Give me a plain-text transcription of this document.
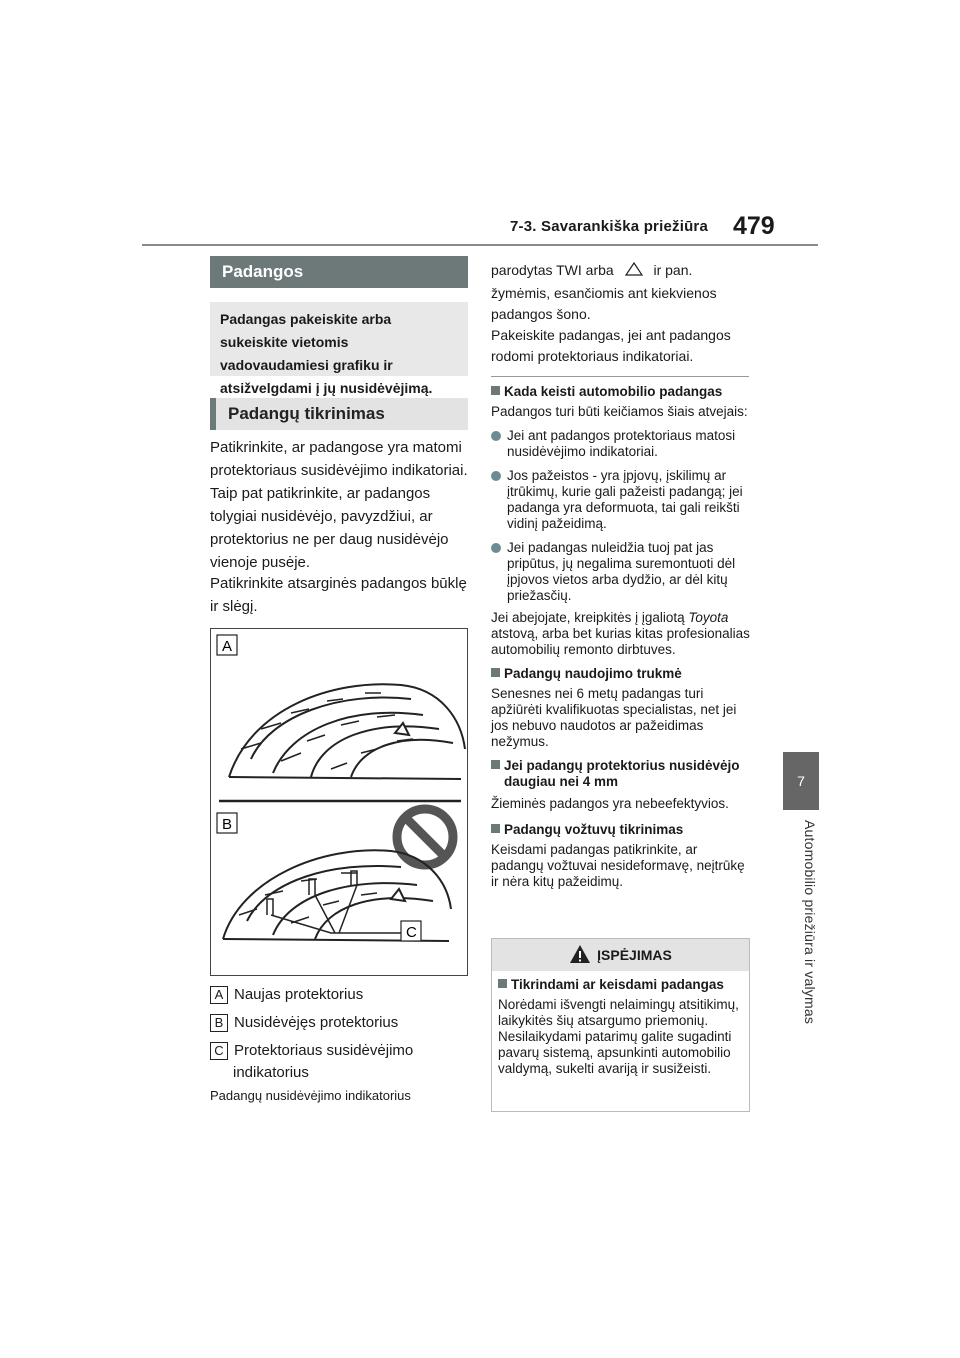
7-3. Savarankiška priežiūra 479
7
Automobilio priežiūra ir valymas
Padangos
Padangas pakeiskite arba sukeiskite vietomis vadovaudamiesi grafiku ir atsižvelgdami į jų nusidėvėjimą.
Padangų tikrinimas
Patikrinkite, ar padangose yra matomi protektoriaus susidėvėjimo indikatoriai. Taip pat patikrinkite, ar padangos tolygiai nusidėvėjo, pavyzdžiui, ar protektorius ne per daug nusidėvėjo vienoje pusėje.
Patikrinkite atsarginės padangos būklę ir slėgį.
A
B
C
A Naujas protektorius
B Nusidėvėjęs protektorius
C Protektoriaus susidėvėjimo indikatorius
Padangų nusidėvėjimo indikatorius
parodytas TWI arba	ir pan.
žymėmis, esančiomis ant kiekvienos padangos šono.
Pakeiskite padangas, jei ant padangos rodomi protektoriaus indikatoriai.
Kada keisti automobilio padangas
Padangos turi būti keičiamos šiais atvejais:
Jei ant padangos protektoriaus matosi nusidėvėjimo indikatoriai.
Jos pažeistos - yra įpjovų, įskilimų ar įtrūkimų, kurie gali pažeisti padangą; jei padanga yra deformuota, tai gali reikšti vidinį pažeidimą.
Jei padangas nuleidžia tuoj pat jas pripūtus, jų negalima suremontuoti dėl įpjovos vietos arba dydžio, ar dėl kitų priežasčių.
Jei abejojate, kreipkitės į įgaliotą Toyota atstovą, arba bet kurias kitas profesionalias automobilių remonto dirbtuves.
Padangų naudojimo trukmė
Senesnes nei 6 metų padangas turi apžiūrėti kvalifikuotas specialistas, net jei jos nebuvo naudotos ar pažeidimas nežymus.
Jei padangų protektorius nusidėvėjo daugiau nei 4 mm
Žieminės padangos yra nebeefektyvios.
Padangų vožtuvų tikrinimas
Keisdami padangas patikrinkite, ar padangų vožtuvai nesideformavę, neįtrūkę ir nėra kitų pažeidimų.
ĮSPĖJIMAS
Tikrindami ar keisdami padangas
Norėdami išvengti nelaimingų atsitikimų, laikykitės šių atsargumo priemonių.
Nesilaikydami patarimų galite sugadinti pavarų sistemą, apsunkinti automobilio valdymą, sukelti avariją ir susižeisti.
